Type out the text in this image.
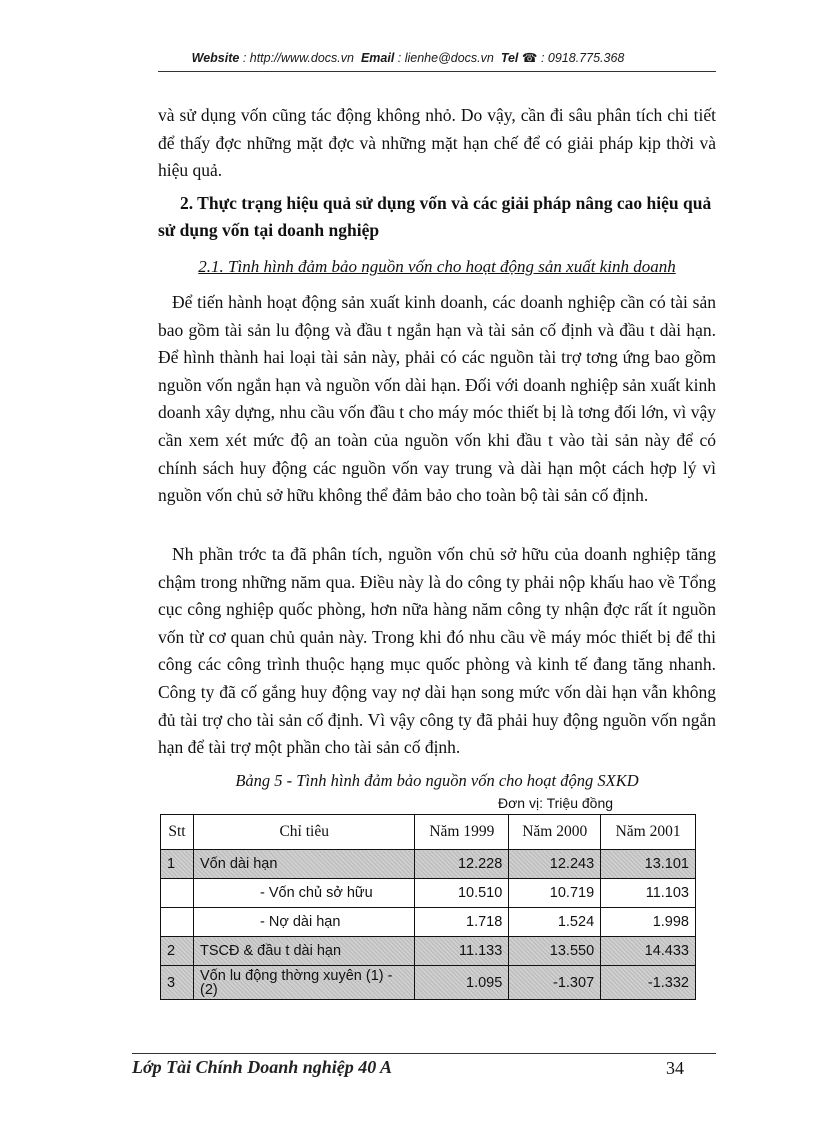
Website : http://www.docs.vn Email : lienhe@docs.vn Tel ☎ : 0918.775.368

và sử dụng vốn cũng tác động không nhỏ. Do vậy, cần đi sâu phân tích chi tiết để thấy đợc những mặt đợc và những mặt hạn chế để có giải pháp kịp thời và hiệu quả.

2. Thực trạng hiệu quả sử dụng vốn và các giải pháp nâng cao hiệu quả sử dụng vốn tại doanh nghiệp

2.1. Tình hình đảm bảo nguồn vốn cho hoạt động sản xuất kinh doanh

Để tiến hành hoạt động sản xuất kinh doanh, các doanh nghiệp cần có tài sản bao gồm tài sản lu động và đầu t ngắn hạn và tài sản cố định và đầu t dài hạn. Để hình thành hai loại tài sản này, phải có các nguồn tài trợ tơng ứng bao gồm nguồn vốn ngắn hạn và nguồn vốn dài hạn. Đối với doanh nghiệp sản xuất kinh doanh xây dựng, nhu cầu vốn đầu t cho máy móc thiết bị là tơng đối lớn, vì vậy cần xem xét mức độ an toàn của nguồn vốn khi đầu t vào tài sản này để có chính sách huy động các nguồn vốn vay trung và dài hạn một cách hợp lý vì nguồn vốn chủ sở hữu không thể đảm bảo cho toàn bộ tài sản cố định.

Nh phần trớc ta đã phân tích, nguồn vốn chủ sở hữu của doanh nghiệp tăng chậm trong những năm qua. Điều này là do công ty phải nộp khấu hao về Tổng cục công nghiệp quốc phòng, hơn nữa hàng năm công ty nhận đợc rất ít nguồn vốn từ cơ quan chủ quản này. Trong khi đó nhu cầu về máy móc thiết bị để thi công các công trình thuộc hạng mục quốc phòng và kinh tế đang tăng nhanh. Công ty đã cố gắng huy động vay nợ dài hạn song mức vốn dài hạn vẫn không đủ tài trợ cho tài sản cố định. Vì vậy công ty đã phải huy động nguồn vốn ngắn hạn để tài trợ một phần cho tài sản cố định.

Bảng 5 - Tình hình đảm bảo nguồn vốn cho hoạt động SXKD

Đơn vị: Triệu đồng
Stt	Chỉ tiêu	Năm 1999	Năm 2000	Năm 2001
1	Vốn dài hạn	12.228	12.243	13.101
	- Vốn chủ sở hữu	10.510	10.719	11.103
	- Nợ dài hạn	1.718	1.524	1.998
2	TSCĐ & đầu t dài hạn	11.133	13.550	14.433
3	Vốn lu động thờng xuyên (1) - (2)	1.095	-1.307	-1.332
Lớp Tài Chính Doanh nghiệp 40 A	34
